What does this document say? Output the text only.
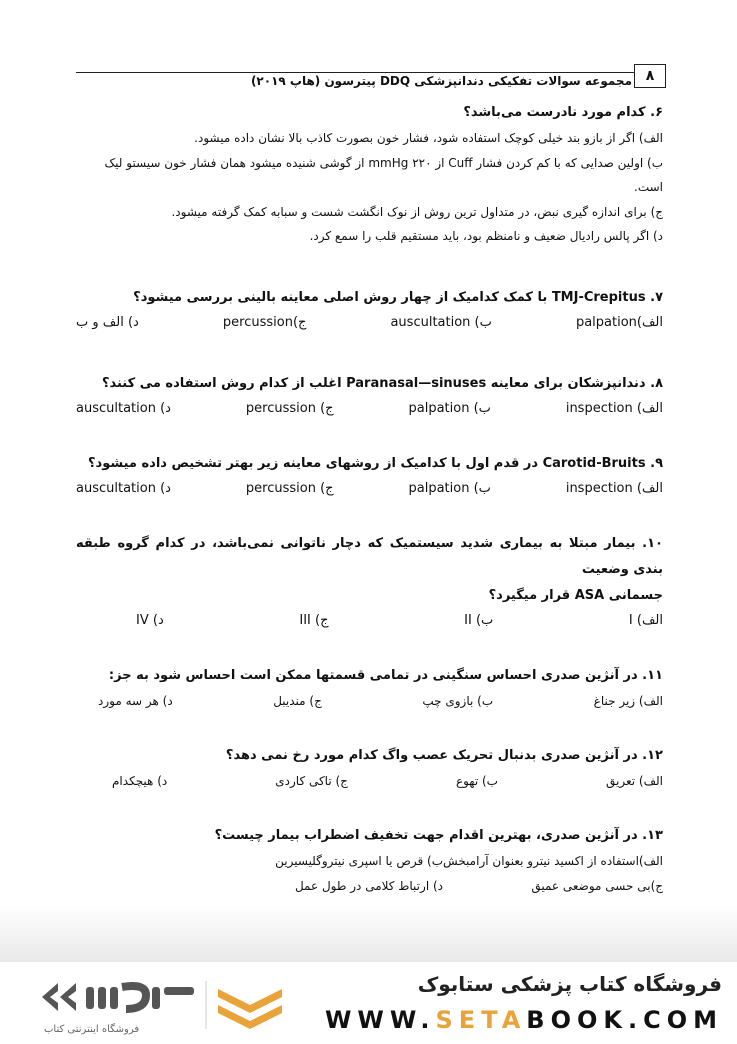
۸
مجموعه سوالات تفکیکی دندانپزشکی DDQ پیترسون (هاپ ۲۰۱۹)

۶. کدام مورد نادرست می‌باشد؟

الف) اگر از بازو بند خیلی کوچک استفاده شود، فشار خون بصورت کاذب بالا نشان داده میشود.

ب) اولین صدایی که با کم کردن فشار Cuff از ۲۲۰ mmHg از گوشی شنیده میشود همان فشار خون سیستو لیک

است.

ج) برای اندازه گیری نبض، در متداول ترین روش از نوک انگشت شست و سبابه کمک گرفته میشود.

د) اگر پالس رادیال ضعیف و نامنظم بود، باید مستقیم قلب را سمع کرد.

۷. TMJ-Crepitus با کمک کدامیک از چهار روش اصلی معاینه بالینی بررسی میشود؟

الف)palpation
ب) auscultation
ج)percussion
د) الف و ب

۸. دندانپزشکان برای معاینه Paranasal—sinuses اغلب از کدام روش استفاده می کنند؟

الف) inspection
ب) palpation
ج) percussion
د) auscultation

۹. Carotid-Bruits در قدم اول با کدامیک از روشهای معاینه زیر بهتر تشخیص داده میشود؟

الف) inspection
ب) palpation
ج) percussion
د) auscultation

۱۰. بیمار مبتلا به بیماری شدید سیستمیک که دچار ناتوانی نمی‌باشد، در کدام گروه طبقه بندی وضعیت

جسمانی ASA قرار میگیرد؟

الف) I
ب) II
ج) III
د) IV

۱۱. در آنژین صدری احساس سنگینی در تمامی قسمتها ممکن است احساس شود به جز:

الف) زیر جناغ
ب) بازوی چپ
ج) مندیبل
د) هر سه مورد

۱۲. در آنژین صدری بدنبال تحریک عصب واگ کدام مورد رخ نمی دهد؟

الف) تعریق
ب) تهوع
ج) تاکی کاردی
د) هیچکدام

۱۳. در آنژین صدری، بهترین اقدام جهت تخفیف اضطراب بیمار چیست؟

الف)استفاده از اکسید نیترو بعنوان آرامبخش
ب) قرص یا اسپری نیتروگلیسیرین
ج)بی حسی موضعی عمیق
د) ارتباط کلامی در طول عمل
فروشگاه اینترنتی کتاب
فروشگاه کتاب پزشکی ستابوک
WWW.SETABOOK.COM
